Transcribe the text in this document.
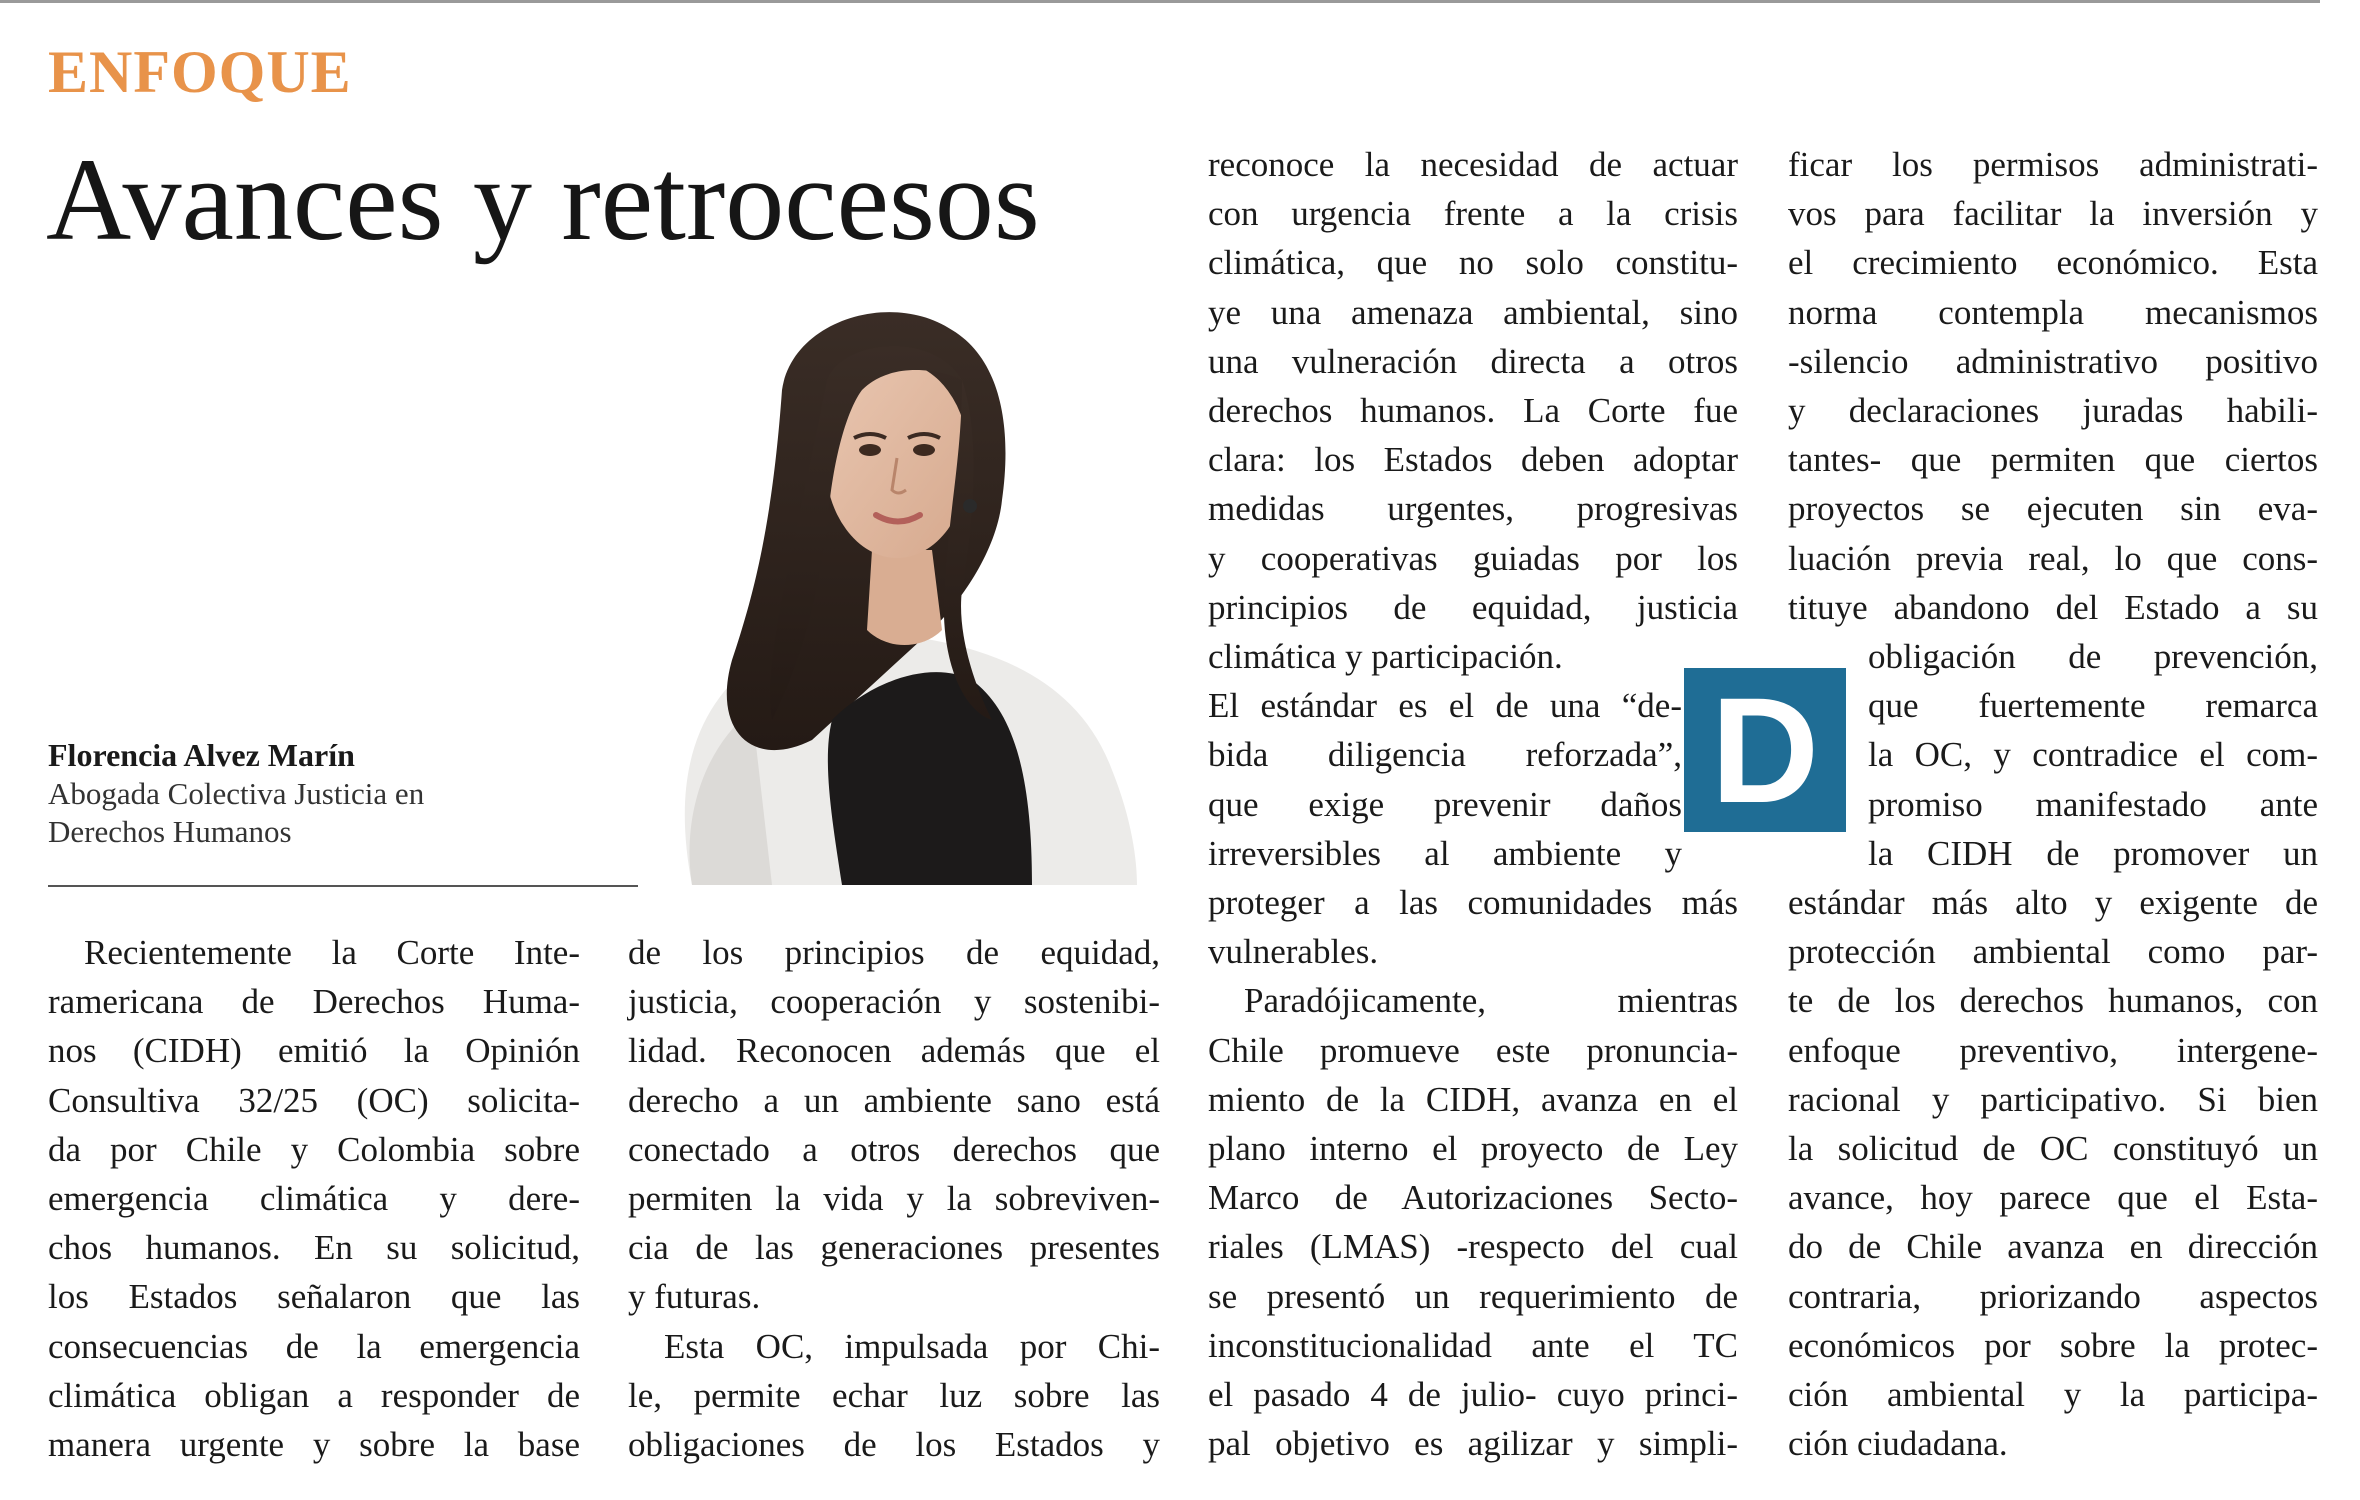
ENFOQUE
Avances y retrocesos
Florencia Alvez Marín
Abogada Colectiva Justicia en Derechos Humanos	D

Recientemente la Corte Inte-

ramericana de Derechos Huma-

nos (CIDH) emitió la Opinión

Consultiva 32/25 (OC) solicita-

da por Chile y Colombia sobre

emergencia climática y dere-

chos humanos. En su solicitud,

los Estados señalaron que las

consecuencias de la emergencia

climática obligan a responder de

manera urgente y sobre la base

de los principios de equidad,

justicia, cooperación y sostenibi-

lidad. Reconocen además que el

derecho a un ambiente sano está

conectado a otros derechos que

permiten la vida y la sobreviven-

cia de las generaciones presentes

y futuras.

Esta OC, impulsada por Chi-

le, permite echar luz sobre las

obligaciones de los Estados y

reconoce la necesidad de actuar

con urgencia frente a la crisis

climática, que no solo constitu-

ye una amenaza ambiental, sino

una vulneración directa a otros

derechos humanos. La Corte fue

clara: los Estados deben adoptar

medidas urgentes, progresivas

y cooperativas guiadas por los

principios de equidad, justicia

climática y participación.

El estándar es el de una “de-

bida diligencia reforzada”,

que exige prevenir daños

irreversibles al ambiente y

proteger a las comunidades más

vulnerables.

Paradójicamente, mientras

Chile promueve este pronuncia-

miento de la CIDH, avanza en el

plano interno el proyecto de Ley

Marco de Autorizaciones Secto-

riales (LMAS) -respecto del cual

se presentó un requerimiento de

inconstitucionalidad ante el TC

el pasado 4 de julio- cuyo princi-

pal objetivo es agilizar y simpli-

ficar los permisos administrati-

vos para facilitar la inversión y

el crecimiento económico. Esta

norma contempla mecanismos

-silencio administrativo positivo

y declaraciones juradas habili-

tantes- que permiten que ciertos

proyectos se ejecuten sin eva-

luación previa real, lo que cons-

tituye abandono del Estado a su

obligación de prevención,

que fuertemente remarca

la OC, y contradice el com-

promiso manifestado ante

la CIDH de promover un

estándar más alto y exigente de

protección ambiental como par-

te de los derechos humanos, con

enfoque preventivo, intergene-

racional y participativo. Si bien

la solicitud de OC constituyó un

avance, hoy parece que el Esta-

do de Chile avanza en dirección

contraria, priorizando aspectos

económicos por sobre la protec-

ción ambiental y la participa-

ción ciudadana.
